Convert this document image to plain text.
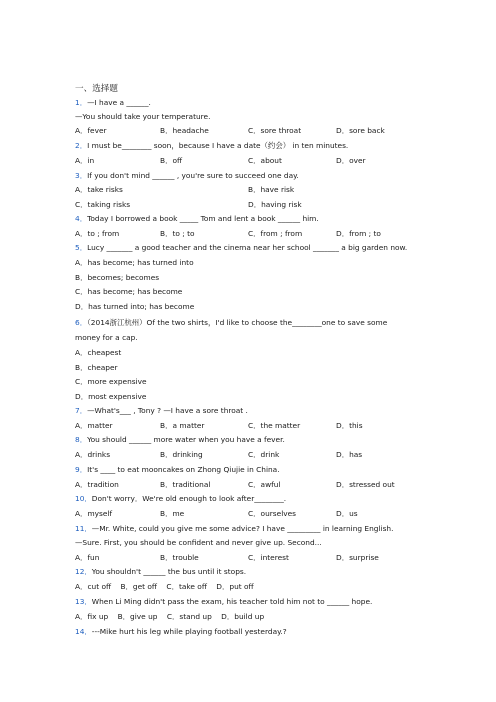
一、选择题
1．—I have a ______.
—You should take your temperature.
A．fever	B．headache	C．sore throat	D．sore back
2．I must be________ soon，because I have a date（约会） in ten minutes.
A．in	B．off	C．about	D．over
3．If you don't mind ______ , you're sure to succeed one day.
A．take risks	B．have risk
C．taking risks	D．having risk
4．Today I borrowed a book _____ Tom and lent a book ______ him.
A．to ; from	B．to ; to	C．from ; from	D．from ; to
5．Lucy _______ a good teacher and the cinema near her school _______ a big garden now.
A．has become; has turned into
B．becomes; becomes
C．has become; has become
D．has turned into; has become
6．（2014浙江杭州）Of the two shirts，I'd like to choose the________one to save some
money for a cap.
A．cheapest
B．cheaper
C．more expensive
D．most expensive
7．—What's___ , Tony ? —I have a sore throat .
A．matter	B．a matter	C．the matter	D．this
8．You should ______ more water when you have a fever.
A．drinks	B．drinking	C．drink	D．has
9．It's ____ to eat mooncakes on Zhong Qiujie in China.
A．tradition	B．traditional	C．awful	D．stressed out
10．Don't worry．We're old enough to look after________.
A．myself	B．me	C．ourselves	D．us
11．—Mr. White, could you give me some advice? I have _________ in learning English.
—Sure. First, you should be confident and never give up. Second...
A．fun	B．trouble	C．interest	D．surprise
12．You shouldn't ______ the bus until it stops.
A．cut off    B．get off    C．take off    D．put off
13．When Li Ming didn't pass the exam, his teacher told him not to ______ hope.
A．fix up    B．give up    C．stand up    D．build up
14．---Mike hurt his leg while playing football yesterday.?
